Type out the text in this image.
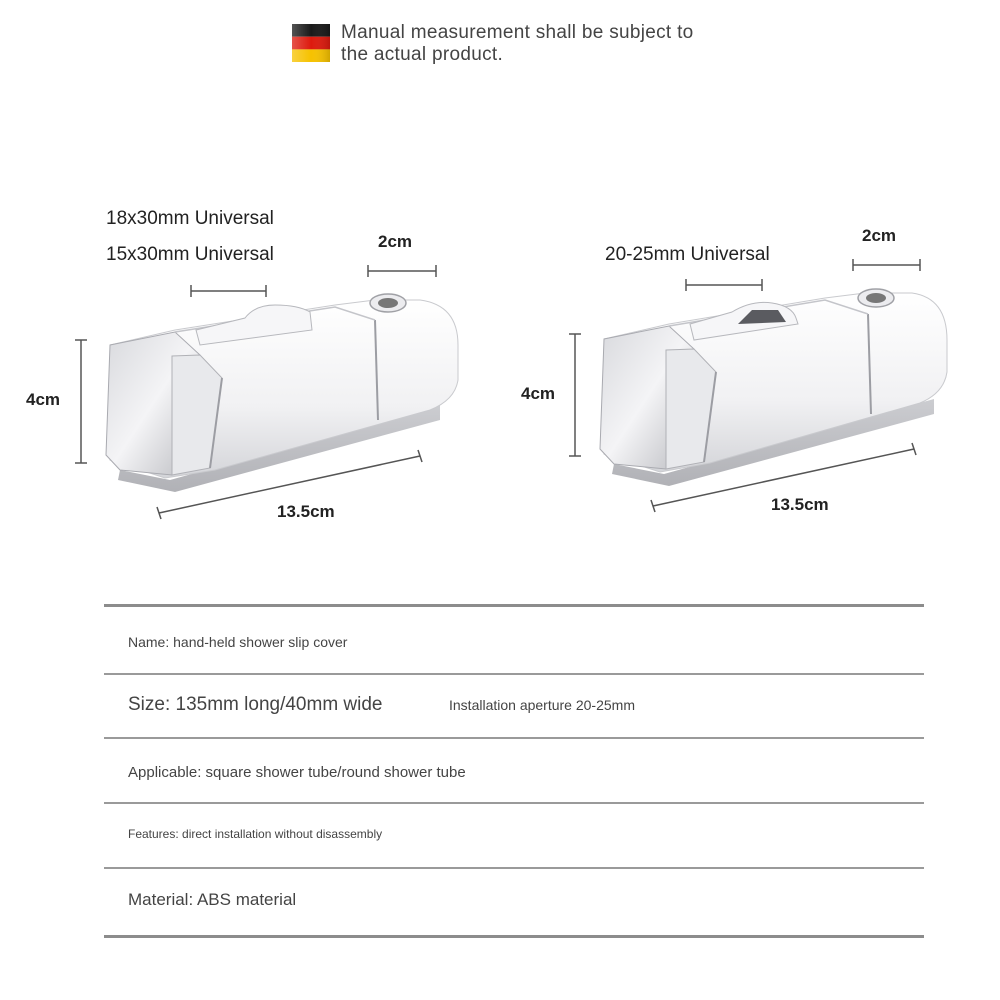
Manual measurement shall be subject to
the actual product.
18x30mm Universal
15x30mm Universal
2cm
4cm
13.5cm
20-25mm Universal
2cm
4cm
13.5cm
Name: hand-held shower slip cover
Size: 135mm long/40mm wide	Installation aperture 20-25mm
Applicable: square shower tube/round shower tube
Features: direct installation without disassembly
Material: ABS material
